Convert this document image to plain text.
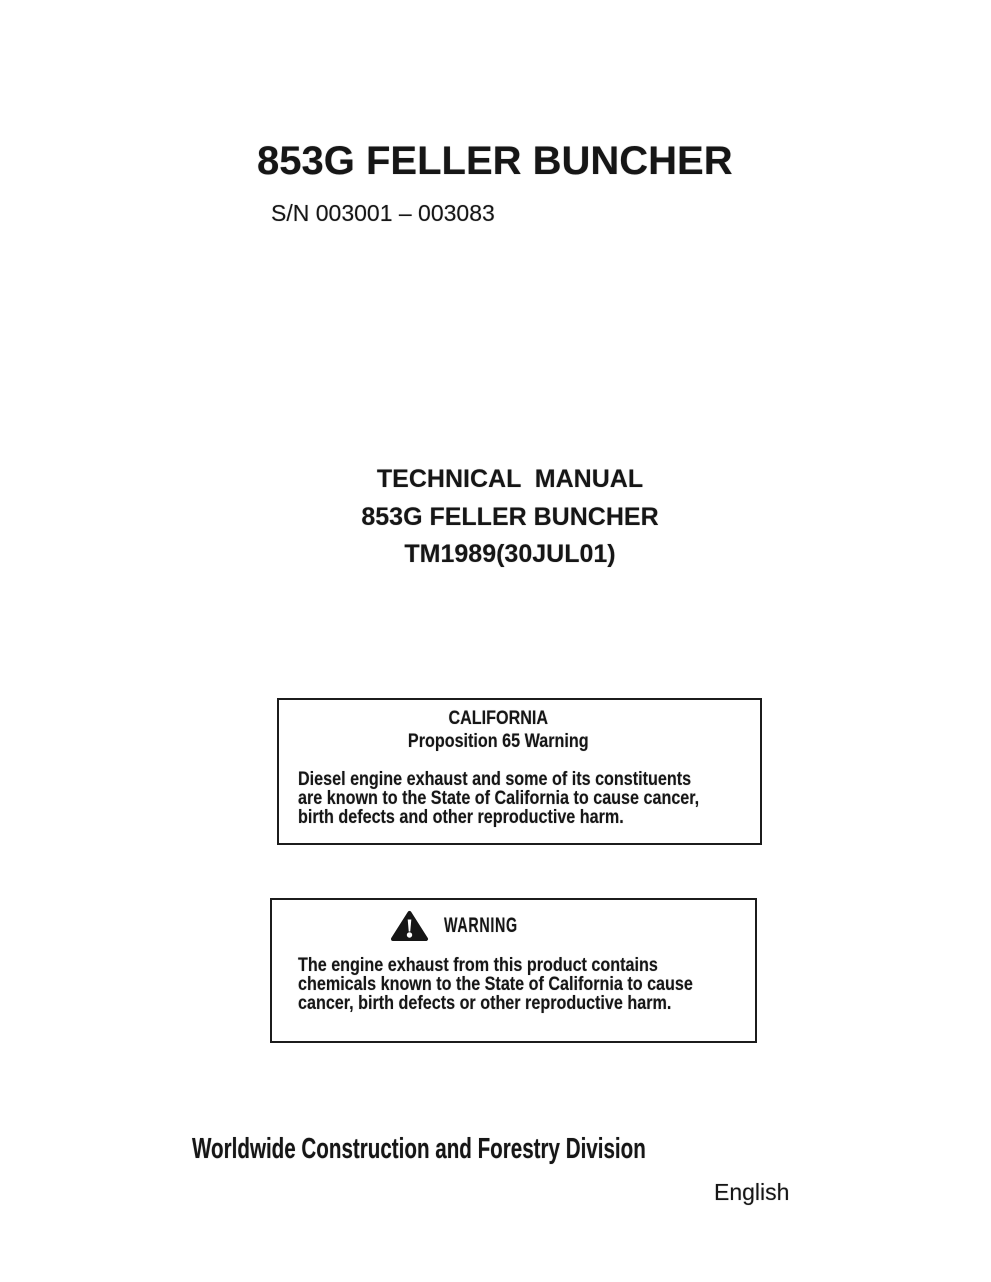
853G FELLER BUNCHER
S/N 003001 – 003083
TECHNICAL  MANUAL
853G FELLER BUNCHER
TM1989(30JUL01)
CALIFORNIA
Proposition 65 Warning
Diesel engine exhaust and some of its constituents
are known to the State of California to cause cancer,
birth defects and other reproductive harm.
WARNING
The engine exhaust from this product contains
chemicals known to the State of California to cause
cancer, birth defects or other reproductive harm.
Worldwide Construction and Forestry Division
English
